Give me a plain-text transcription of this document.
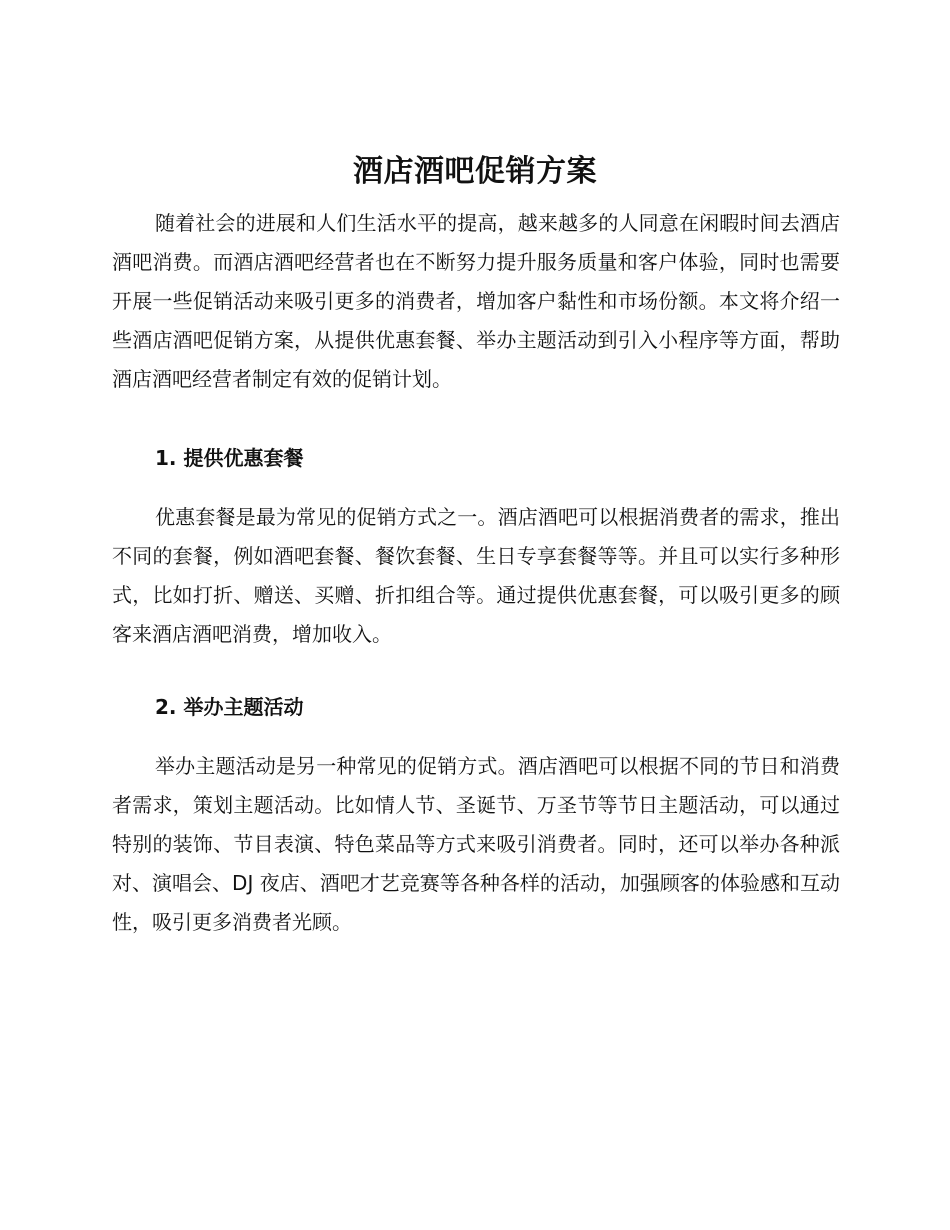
酒店酒吧促销方案

随着社会的进展和人们生活水平的提高，越来越多的人同意在闲暇时间去酒店酒吧消费。而酒店酒吧经营者也在不断努力提升服务质量和客户体验，同时也需要开展一些促销活动来吸引更多的消费者，增加客户黏性和市场份额。本文将介绍一些酒店酒吧促销方案，从提供优惠套餐、举办主题活动到引入小程序等方面，帮助酒店酒吧经营者制定有效的促销计划。

1. 提供优惠套餐

优惠套餐是最为常见的促销方式之一。酒店酒吧可以根据消费者的需求，推出不同的套餐，例如酒吧套餐、餐饮套餐、生日专享套餐等等。并且可以实行多种形式，比如打折、赠送、买赠、折扣组合等。通过提供优惠套餐，可以吸引更多的顾客来酒店酒吧消费，增加收入。

2. 举办主题活动

举办主题活动是另一种常见的促销方式。酒店酒吧可以根据不同的节日和消费者需求，策划主题活动。比如情人节、圣诞节、万圣节等节日主题活动，可以通过特别的装饰、节目表演、特色菜品等方式来吸引消费者。同时，还可以举办各种派对、演唱会、DJ 夜店、酒吧才艺竞赛等各种各样的活动，加强顾客的体验感和互动性，吸引更多消费者光顾。
